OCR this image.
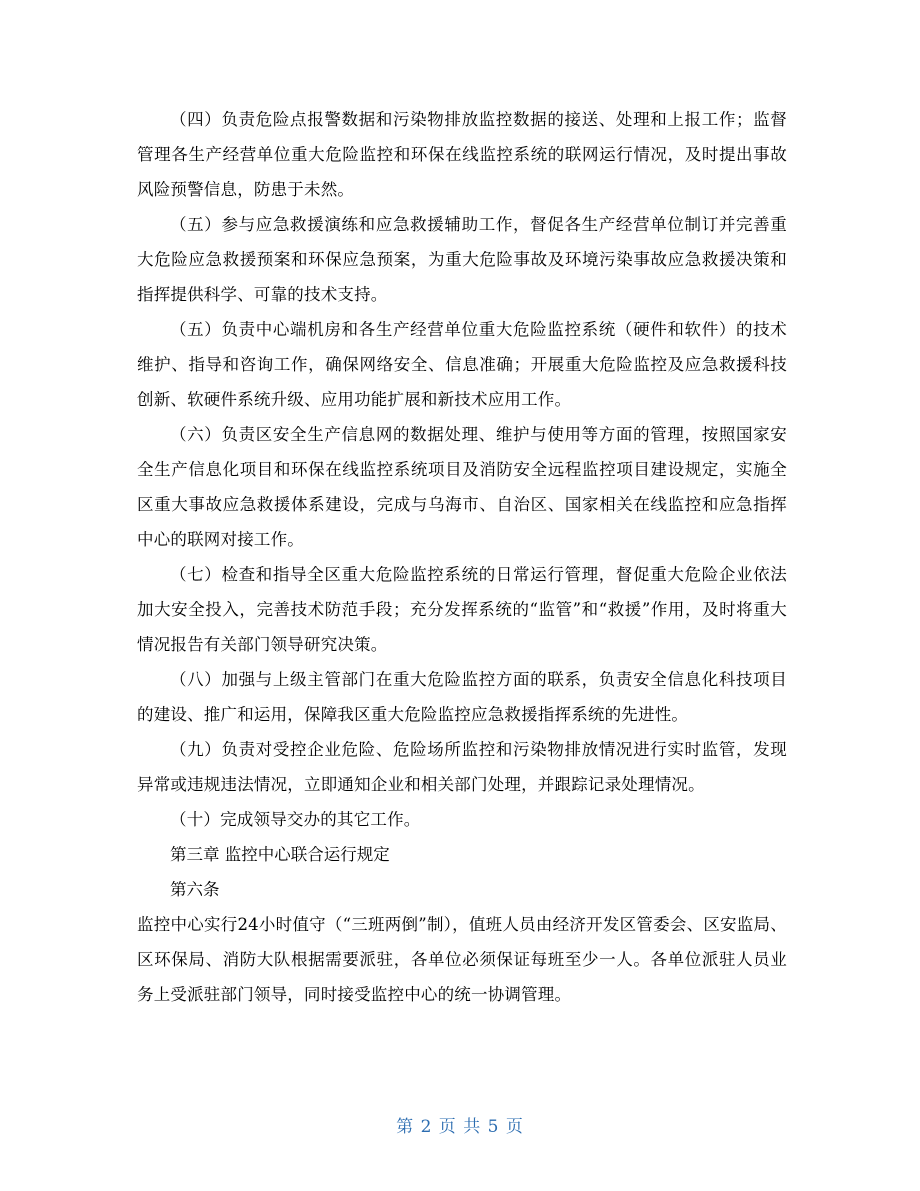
（四）负责危险点报警数据和污染物排放监控数据的接送、处理和上报工作；监督管理各生产经营单位重大危险监控和环保在线监控系统的联网运行情况，及时提出事故风险预警信息，防患于未然。

（五）参与应急救援演练和应急救援辅助工作，督促各生产经营单位制订并完善重大危险应急救援预案和环保应急预案，为重大危险事故及环境污染事故应急救援决策和指挥提供科学、可靠的技术支持。

（五）负责中心端机房和各生产经营单位重大危险监控系统（硬件和软件）的技术维护、指导和咨询工作，确保网络安全、信息准确；开展重大危险监控及应急救援科技创新、软硬件系统升级、应用功能扩展和新技术应用工作。

（六）负责区安全生产信息网的数据处理、维护与使用等方面的管理，按照国家安全生产信息化项目和环保在线监控系统项目及消防安全远程监控项目建设规定，实施全区重大事故应急救援体系建设，完成与乌海市、自治区、国家相关在线监控和应急指挥中心的联网对接工作。

（七）检查和指导全区重大危险监控系统的日常运行管理，督促重大危险企业依法加大安全投入，完善技术防范手段；充分发挥系统的“监管”和“救援”作用，及时将重大情况报告有关部门领导研究决策。

（八）加强与上级主管部门在重大危险监控方面的联系，负责安全信息化科技项目的建设、推广和运用，保障我区重大危险监控应急救援指挥系统的先进性。

（九）负责对受控企业危险、危险场所监控和污染物排放情况进行实时监管，发现异常或违规违法情况，立即通知企业和相关部门处理，并跟踪记录处理情况。

（十）完成领导交办的其它工作。

第三章 监控中心联合运行规定

第六条

监控中心实行24小时值守（“三班两倒”制），值班人员由经济开发区管委会、区安监局、区环保局、消防大队根据需要派驻，各单位必须保证每班至少一人。各单位派驻人员业务上受派驻部门领导，同时接受监控中心的统一协调管理。

第 2 页 共 5 页
